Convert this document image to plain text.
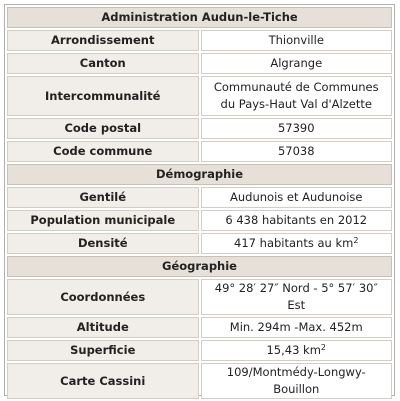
Administration Audun-le-Tiche	
Arrondissement	Thionville
Canton	Algrange
Intercommunalité	Communauté de Communes
du Pays-Haut Val d'Alzette
Code postal	57390
Code commune	57038
Démographie	
Gentilé	Audunois et Audunoise
Population municipale	6 438 habitants en 2012
Densité	417 habitants au $km^2$
Géographie	
Coordonnées	49° 28′ 27″ Nord - 5° 57′ 30″ Est
Altitude	Min. 294m -Max. 452m
Superficie	15,43 $km^2$
Carte Cassini	109/Montmédy-Longwy-Bouillon
